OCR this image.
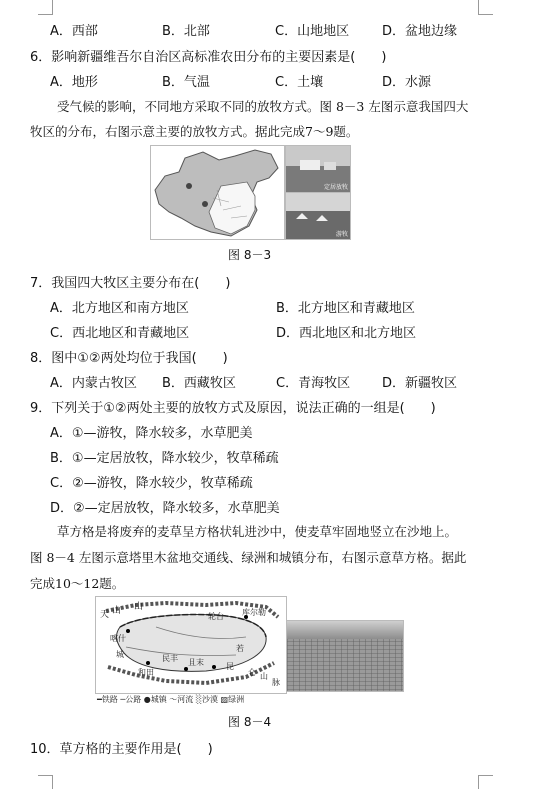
A．西部	B．北部	C．山地地区	D．盆地边缘
6．影响新疆维吾尔自治区高标准农田分布的主要因素是(　　)
A．地形	B．气温	C．土壤	D．水源
受气候的影响，不同地方采取不同的放牧方式。图 8－3 左图示意我国四大
牧区的分布，右图示意主要的放牧方式。据此完成7～9题。
定居放牧
游牧
图 8－3
7．我国四大牧区主要分布在(　　)
A．北方地区和南方地区	B．北方地区和青藏地区
C．西北地区和青藏地区	D．西北地区和北方地区
8．图中①②两处均位于我国(　　)
A．内蒙古牧区 B．西藏牧区	C．青海牧区 D．新疆牧区
9．下列关于①②两处主要的放牧方式及原因，说法正确的一组是(　　)
A．①—游牧，降水较多，水草肥美
B．①—定居放牧，降水较少，牧草稀疏
C．②—游牧，降水较少，牧草稀疏
D．②—定居放牧，降水较多，水草肥美
草方格是将废弃的麦草呈方格状轧进沙中，使麦草牢固地竖立在沙地上。
图 8－4 左图示意塔里木盆地交通线、绿洲和城镇分布，右图示意草方格。据此
完成10～12题。
天 山 山
轮台 库尔勒
喀什
和田
且末
若
昆
仑 山
民丰
城
脉
━铁路 ─公路 ●城镇 ～河流 ░沙漠 ▨绿洲
图 8－4
10．草方格的主要作用是(　　)
